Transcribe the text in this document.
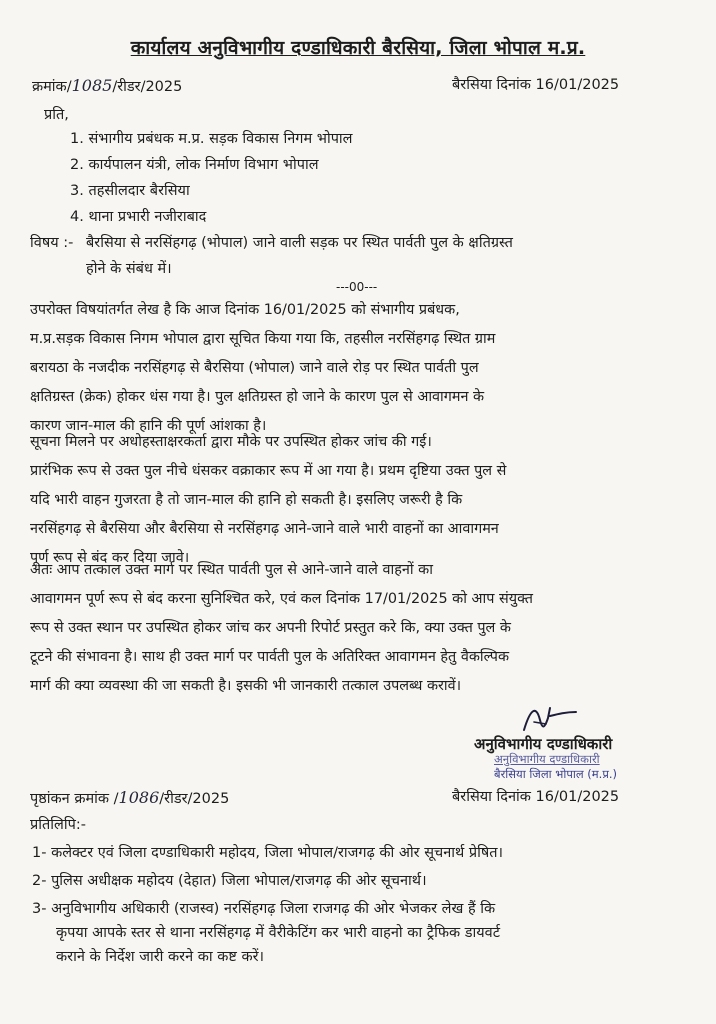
कार्यालय अनुविभागीय दण्डाधिकारी बैरसिया, जिला भोपाल म.प्र.
क्रमांक/1085/रीडर/2025	बैरसिया दिनांक 16/01/2025
प्रति,
1. संभागीय प्रबंधक म.प्र. सड़क विकास निगम भोपाल
2. कार्यपालन यंत्री, लोक निर्माण विभाग भोपाल
3. तहसीलदार बैरसिया
4. थाना प्रभारी नजीराबाद
विषय :- बैरसिया से नरसिंहगढ़ (भोपाल) जाने वाली सड़क पर स्थित पार्वती पुल के क्षतिग्रस्त
होने के संबंध में।
---00---
उपरोक्त विषयांतर्गत लेख है कि आज दिनांक 16/01/2025 को संभागीय प्रबंधक,
म.प्र.सड़क विकास निगम भोपाल द्वारा सूचित किया गया कि, तहसील नरसिंहगढ़ स्थित ग्राम
बरायठा के नजदीक नरसिंहगढ़ से बैरसिया (भोपाल) जाने वाले रोड़ पर स्थित पार्वती पुल
क्षतिग्रस्त (क्रेक) होकर धंस गया है। पुल क्षतिग्रस्त हो जाने के कारण पुल से आवागमन के
कारण जान-माल की हानि की पूर्ण आंशका है।
सूचना मिलने पर अधोहस्ताक्षरकर्ता द्वारा मौके पर उपस्थित होकर जांच की गई।
प्रारंभिक रूप से उक्त पुल नीचे धंसकर वक्राकार रूप में आ गया है। प्रथम दृष्टिया उक्त पुल से
यदि भारी वाहन गुजरता है तो जान-माल की हानि हो सकती है। इसलिए जरूरी है कि
नरसिंहगढ़ से बैरसिया और बैरसिया से नरसिंहगढ़ आने-जाने वाले भारी वाहनों का आवागमन
पूर्ण रूप से बंद कर दिया जावे।
अतः आप तत्काल उक्त मार्ग पर स्थित पार्वती पुल से आने-जाने वाले वाहनों का
आवागमन पूर्ण रूप से बंद करना सुनिश्चित करे, एवं कल दिनांक 17/01/2025 को आप संयुक्त
रूप से उक्त स्थान पर उपस्थित होकर जांच कर अपनी रिपोर्ट प्रस्तुत करे कि, क्या उक्त पुल के
टूटने की संभावना है। साथ ही उक्त मार्ग पर पार्वती पुल के अतिरिक्त आवागमन हेतु वैकल्पिक
मार्ग की क्या व्यवस्था की जा सकती है। इसकी भी जानकारी तत्काल उपलब्ध करावें।
अनुविभागीय दण्डाधिकारी
अनुविभागीय दण्डाधिकारी
बैरसिया जिला भोपाल (म.प्र.)
पृष्ठांकन क्रमांक /1086/रीडर/2025	बैरसिया दिनांक 16/01/2025
प्रतिलिपि:-
1- कलेक्टर एवं जिला दण्डाधिकारी महोदय, जिला भोपाल/राजगढ़ की ओर सूचनार्थ प्रेषित।
2- पुलिस अधीक्षक महोदय (देहात) जिला भोपाल/राजगढ़ की ओर सूचनार्थ।
3- अनुविभागीय अधिकारी (राजस्व) नरसिंहगढ़ जिला राजगढ़ की ओर भेजकर लेख हैं कि
कृपया आपके स्तर से थाना नरसिंहगढ़ में वैरीकेटिंग कर भारी वाहनो का ट्रैफिक डायवर्ट
कराने के निर्देश जारी करने का कष्ट करें।
